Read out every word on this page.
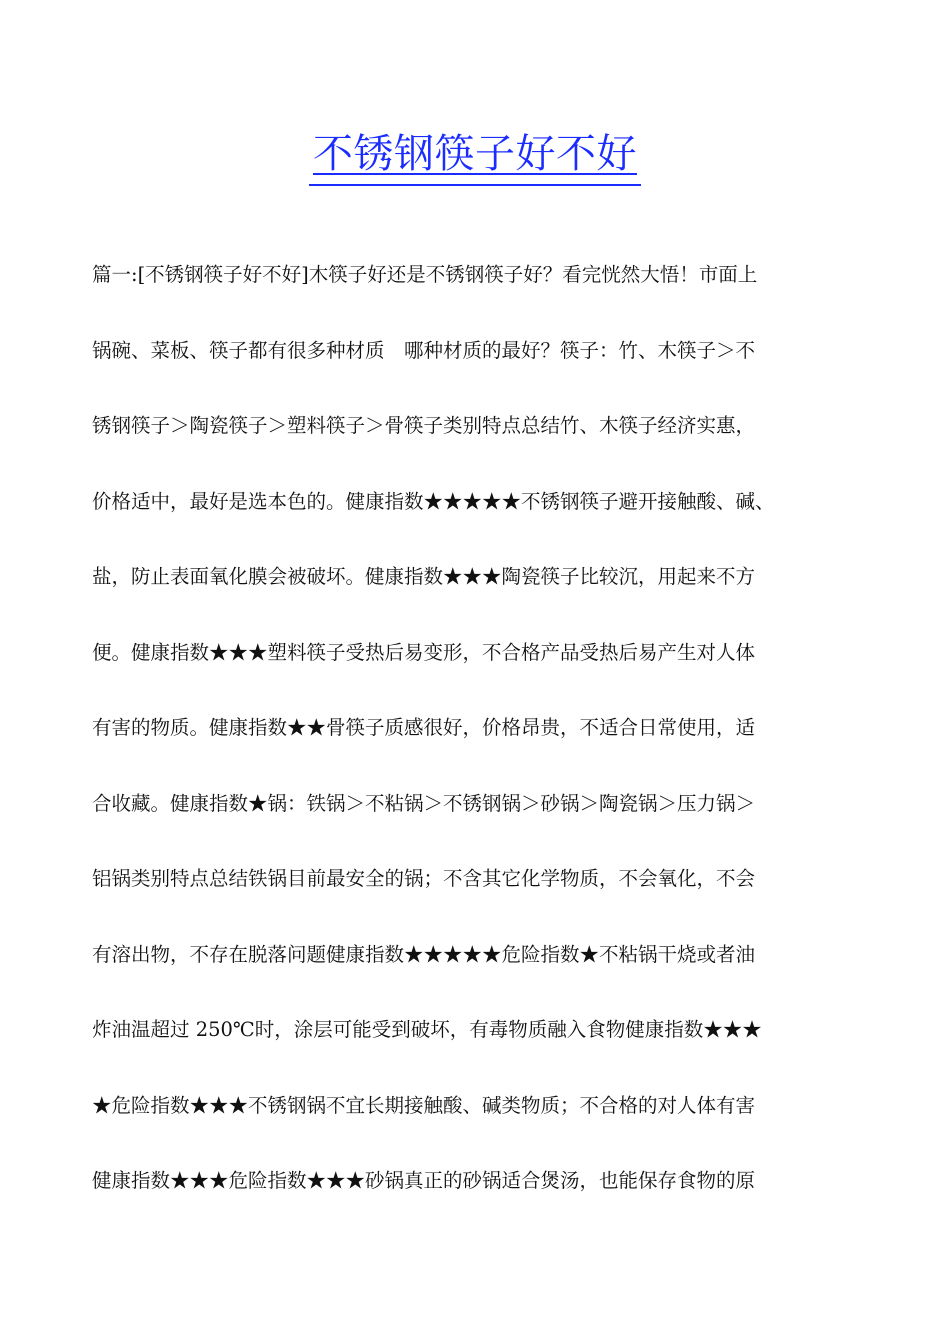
不锈钢筷子好不好
篇一:[不锈钢筷子好不好]木筷子好还是不锈钢筷子好？看完恍然大悟！市面上
锅碗、菜板、筷子都有很多种材质　哪种材质的最好？筷子：竹、木筷子＞不
锈钢筷子＞陶瓷筷子＞塑料筷子＞骨筷子类别特点总结竹、木筷子经济实惠，
价格适中，最好是选本色的。健康指数★★★★★不锈钢筷子避开接触酸、碱、
盐，防止表面氧化膜会被破坏。健康指数★★★陶瓷筷子比较沉，用起来不方
便。健康指数★★★塑料筷子受热后易变形，不合格产品受热后易产生对人体
有害的物质。健康指数★★骨筷子质感很好，价格昂贵，不适合日常使用，适
合收藏。健康指数★锅：铁锅＞不粘锅＞不锈钢锅＞砂锅＞陶瓷锅＞压力锅＞
铝锅类别特点总结铁锅目前最安全的锅；不含其它化学物质，不会氧化，不会
有溶出物，不存在脱落问题健康指数★★★★★危险指数★不粘锅干烧或者油
炸油温超过 250℃时，涂层可能受到破坏，有毒物质融入食物健康指数★★★
★危险指数★★★不锈钢锅不宜长期接触酸、碱类物质；不合格的对人体有害
健康指数★★★危险指数★★★砂锅真正的砂锅适合煲汤，也能保存食物的原
